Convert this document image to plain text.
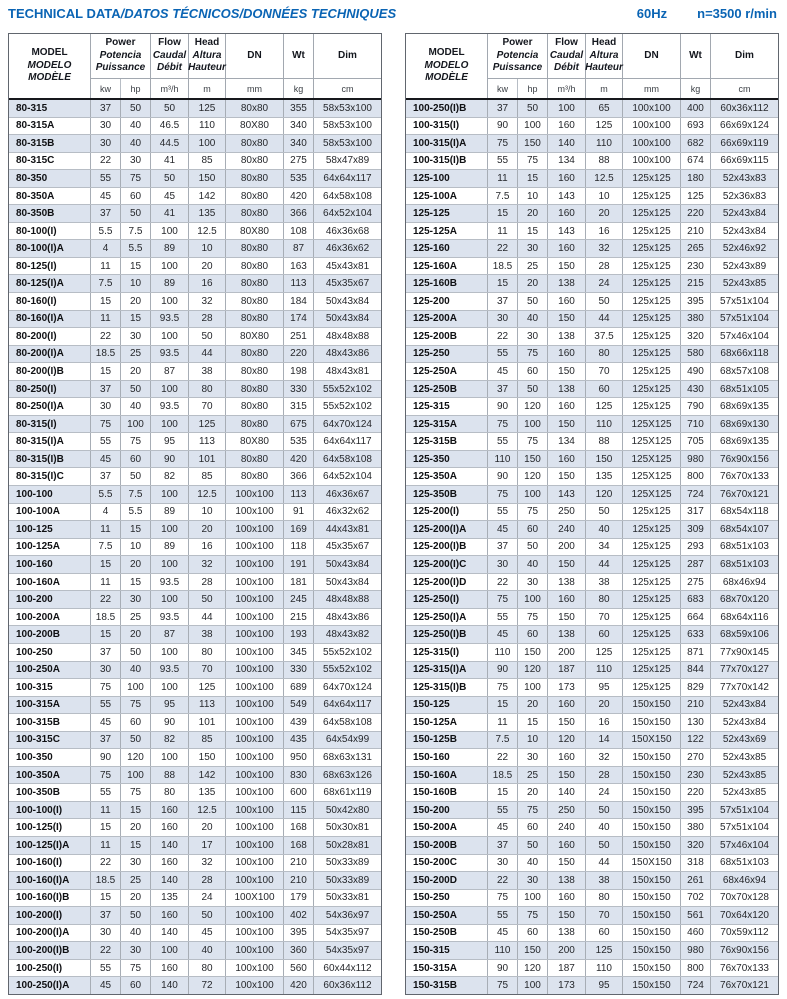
TECHNICAL DATA/DATOS TÉCNICOS/DONNÉES TECHNIQUES	60Hz n=3500 r/min
MODEL
MODELO
MODÈLE
Power
Potencia
Puissance
kw	hp
Flow
Caudal
Débit
m³/h
Head
Altura
Hauteur
m
DN
mm
Wt
kg
Dim
cm
80-315	37	50	50	125	80x80	355	58x53x100
80-315A	30	40	46.5	110	80X80	340	58x53x100
80-315B	30	40	44.5	100	80x80	340	58x53x100
80-315C	22	30	41	85	80x80	275	58x47x89
80-350	55	75	50	150	80x80	535	64x64x117
80-350A	45	60	45	142	80x80	420	64x58x108
80-350B	37	50	41	135	80x80	366	64x52x104
80-100(I)	5.5	7.5	100	12.5	80X80	108	46x36x68
80-100(I)A	4	5.5	89	10	80x80	87	46x36x62
80-125(I)	11	15	100	20	80x80	163	45x43x81
80-125(I)A	7.5	10	89	16	80x80	113	45x35x67
80-160(I)	15	20	100	32	80x80	184	50x43x84
80-160(I)A	11	15	93.5	28	80x80	174	50x43x84
80-200(I)	22	30	100	50	80X80	251	48x48x88
80-200(I)A	18.5	25	93.5	44	80x80	220	48x43x86
80-200(I)B	15	20	87	38	80x80	198	48x43x81
80-250(I)	37	50	100	80	80x80	330	55x52x102
80-250(I)A	30	40	93.5	70	80x80	315	55x52x102
80-315(I)	75	100	100	125	80x80	675	64x70x124
80-315(I)A	55	75	95	113	80X80	535	64x64x117
80-315(I)B	45	60	90	101	80x80	420	64x58x108
80-315(I)C	37	50	82	85	80x80	366	64x52x104
100-100	5.5	7.5	100	12.5	100x100	113	46x36x67
100-100A	4	5.5	89	10	100x100	91	46x32x62
100-125	11	15	100	20	100x100	169	44x43x81
100-125A	7.5	10	89	16	100x100	118	45x35x67
100-160	15	20	100	32	100x100	191	50x43x84
100-160A	11	15	93.5	28	100x100	181	50x43x84
100-200	22	30	100	50	100x100	245	48x48x88
100-200A	18.5	25	93.5	44	100x100	215	48x43x86
100-200B	15	20	87	38	100x100	193	48x43x82
100-250	37	50	100	80	100x100	345	55x52x102
100-250A	30	40	93.5	70	100x100	330	55x52x102
100-315	75	100	100	125	100x100	689	64x70x124
100-315A	55	75	95	113	100x100	549	64x64x117
100-315B	45	60	90	101	100x100	439	64x58x108
100-315C	37	50	82	85	100x100	435	64x54x99
100-350	90	120	100	150	100x100	950	68x63x131
100-350A	75	100	88	142	100x100	830	68x63x126
100-350B	55	75	80	135	100x100	600	68x61x119
100-100(I)	11	15	160	12.5	100x100	115	50x42x80
100-125(I)	15	20	160	20	100x100	168	50x30x81
100-125(I)A	11	15	140	17	100x100	168	50x28x81
100-160(I)	22	30	160	32	100x100	210	50x33x89
100-160(I)A	18.5	25	140	28	100x100	210	50x33x89
100-160(I)B	15	20	135	24	100X100	179	50x33x81
100-200(I)	37	50	160	50	100x100	402	54x36x97
100-200(I)A	30	40	140	45	100x100	395	54x35x97
100-200(I)B	22	30	100	40	100x100	360	54x35x97
100-250(I)	55	75	160	80	100x100	560	60x44x112
100-250(I)A	45	60	140	72	100x100	420	60x36x112
MODEL
MODELO
MODÈLE
Power
Potencia
Puissance
kw	hp
Flow
Caudal
Débit
m³/h
Head
Altura
Hauteur
m
DN
mm
Wt
kg
Dim
cm
100-250(I)B	37	50	100	65	100x100	400	60x36x112
100-315(I)	90	100	160	125	100x100	693	66x69x124
100-315(I)A	75	150	140	110	100x100	682	66x69x119
100-315(I)B	55	75	134	88	100x100	674	66x69x115
125-100	11	15	160	12.5	125x125	180	52x43x83
125-100A	7.5	10	143	10	125x125	125	52x36x83
125-125	15	20	160	20	125x125	220	52x43x84
125-125A	11	15	143	16	125x125	210	52x43x84
125-160	22	30	160	32	125x125	265	52x46x92
125-160A	18.5	25	150	28	125x125	230	52x43x89
125-160B	15	20	138	24	125x125	215	52x43x85
125-200	37	50	160	50	125x125	395	57x51x104
125-200A	30	40	150	44	125x125	380	57x51x104
125-200B	22	30	138	37.5	125x125	320	57x46x104
125-250	55	75	160	80	125x125	580	68x66x118
125-250A	45	60	150	70	125x125	490	68x57x108
125-250B	37	50	138	60	125x125	430	68x51x105
125-315	90	120	160	125	125x125	790	68x69x135
125-315A	75	100	150	110	125X125	710	68x69x130
125-315B	55	75	134	88	125X125	705	68x69x135
125-350	110	150	160	150	125X125	980	76x90x156
125-350A	90	120	150	135	125X125	800	76x70x133
125-350B	75	100	143	120	125X125	724	76x70x121
125-200(I)	55	75	250	50	125x125	317	68x54x118
125-200(I)A	45	60	240	40	125x125	309	68x54x107
125-200(I)B	37	50	200	34	125x125	293	68x51x103
125-200(I)C	30	40	150	44	125x125	287	68x51x103
125-200(I)D	22	30	138	38	125x125	275	68x46x94
125-250(I)	75	100	160	80	125x125	683	68x70x120
125-250(I)A	55	75	150	70	125x125	664	68x64x116
125-250(I)B	45	60	138	60	125x125	633	68x59x106
125-315(I)	110	150	200	125	125x125	871	77x90x145
125-315(I)A	90	120	187	110	125x125	844	77x70x127
125-315(I)B	75	100	173	95	125x125	829	77x70x142
150-125	15	20	160	20	150x150	210	52x43x84
150-125A	11	15	150	16	150x150	130	52x43x84
150-125B	7.5	10	120	14	150X150	122	52x43x69
150-160	22	30	160	32	150x150	270	52x43x85
150-160A	18.5	25	150	28	150x150	230	52x43x85
150-160B	15	20	140	24	150x150	220	52x43x85
150-200	55	75	250	50	150x150	395	57x51x104
150-200A	45	60	240	40	150x150	380	57x51x104
150-200B	37	50	160	50	150x150	320	57x46x104
150-200C	30	40	150	44	150X150	318	68x51x103
150-200D	22	30	138	38	150x150	261	68x46x94
150-250	75	100	160	80	150x150	702	70x70x128
150-250A	55	75	150	70	150x150	561	70x64x120
150-250B	45	60	138	60	150x150	460	70x59x112
150-315	110	150	200	125	150x150	980	76x90x156
150-315A	90	120	187	110	150x150	800	76x70x133
150-315B	75	100	173	95	150x150	724	76x70x121
